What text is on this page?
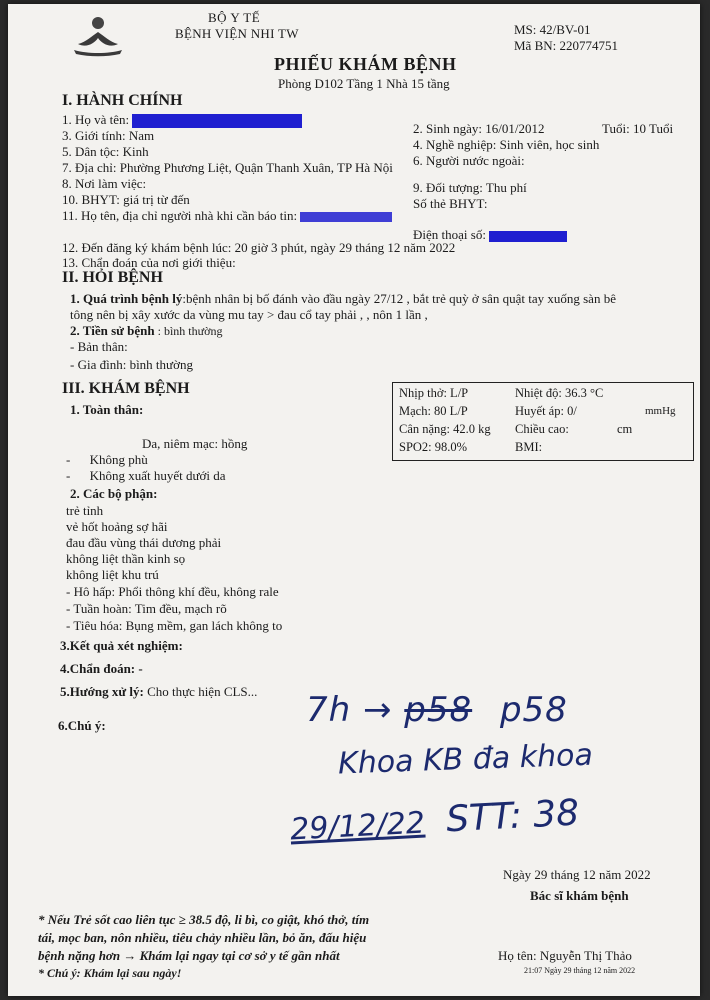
BỘ Y TẾ
BỆNH VIỆN NHI TW	MS: 42/BV-01
Mã BN: 220774751
PHIẾU KHÁM BỆNH
Phòng D102 Tầng 1 Nhà 15 tầng
I. HÀNH CHÍNH
1. Họ và tên:
3. Giới tính: Nam
5. Dân tộc: Kinh
7. Địa chỉ: Phường Phương Liệt, Quận Thanh Xuân, TP Hà Nội
8. Nơi làm việc:
10. BHYT: giá trị từ đến
11. Họ tên, địa chỉ người nhà khi cần báo tin:
2. Sinh ngày: 16/01/2012	Tuổi: 10 Tuổi
4. Nghề nghiệp: Sinh viên, học sinh
6. Người nước ngoài:
9. Đối tượng: Thu phí
Số thẻ BHYT:
Điện thoại số:
12. Đến đăng ký khám bệnh lúc: 20 giờ 3 phút, ngày 29 tháng 12 năm 2022
13. Chẩn đoán của nơi giới thiệu:
II. HỎI BỆNH
1. Quá trình bệnh lý:bệnh nhân bị bố đánh vào đầu ngày 27/12 , bắt trẻ quỳ ở sân quật tay xuống sàn bê
tông nên bị xây xước da vùng mu tay > đau cổ tay phải , , nôn 1 lần ,
2. Tiền sử bệnh : bình thường
- Bản thân:
- Gia đình: bình thường
III. KHÁM BỆNH
1. Toàn thân:
Da, niêm mạc: hồng
- Không phù
- Không xuất huyết dưới da
2. Các bộ phận:
trẻ tỉnh
vẻ hốt hoảng sợ hãi
đau đầu vùng thái dương phải
không liệt thần kinh sọ
không liệt khu trú
- Hô hấp: Phổi thông khí đều, không rale
- Tuần hoàn: Tim đều, mạch rõ
- Tiêu hóa: Bụng mềm, gan lách không to
3.Kết quả xét nghiệm:
4.Chẩn đoán: -
5.Hướng xử lý: Cho thực hiện CLS...
6.Chú ý:
Nhịp thở: L/P	Nhiệt độ: 36.3 °C
Mạch: 80 L/P	Huyết áp: 0/	mmHg
Cân nặng: 42.0 kg Chiều cao:	cm
SPO2: 98.0%	BMI:
7h → p58 p58
Khoa KB đa khoa
29/12/22 STT: 38
Ngày 29 tháng 12 năm 2022
Bác sĩ khám bệnh
* Nếu Trẻ sốt cao liên tục ≥ 38.5 độ, li bì, co giật, khó thở, tím
tái, mọc ban, nôn nhiều, tiêu chảy nhiều lần, bỏ ăn, đấu hiệu
bệnh nặng hơn → Khám lại ngay tại cơ sở y tế gần nhất
* Chú ý: Khám lại sau ngày!
Họ tên: Nguyễn Thị Thảo
21:07 Ngày 29 tháng 12 năm 2022
